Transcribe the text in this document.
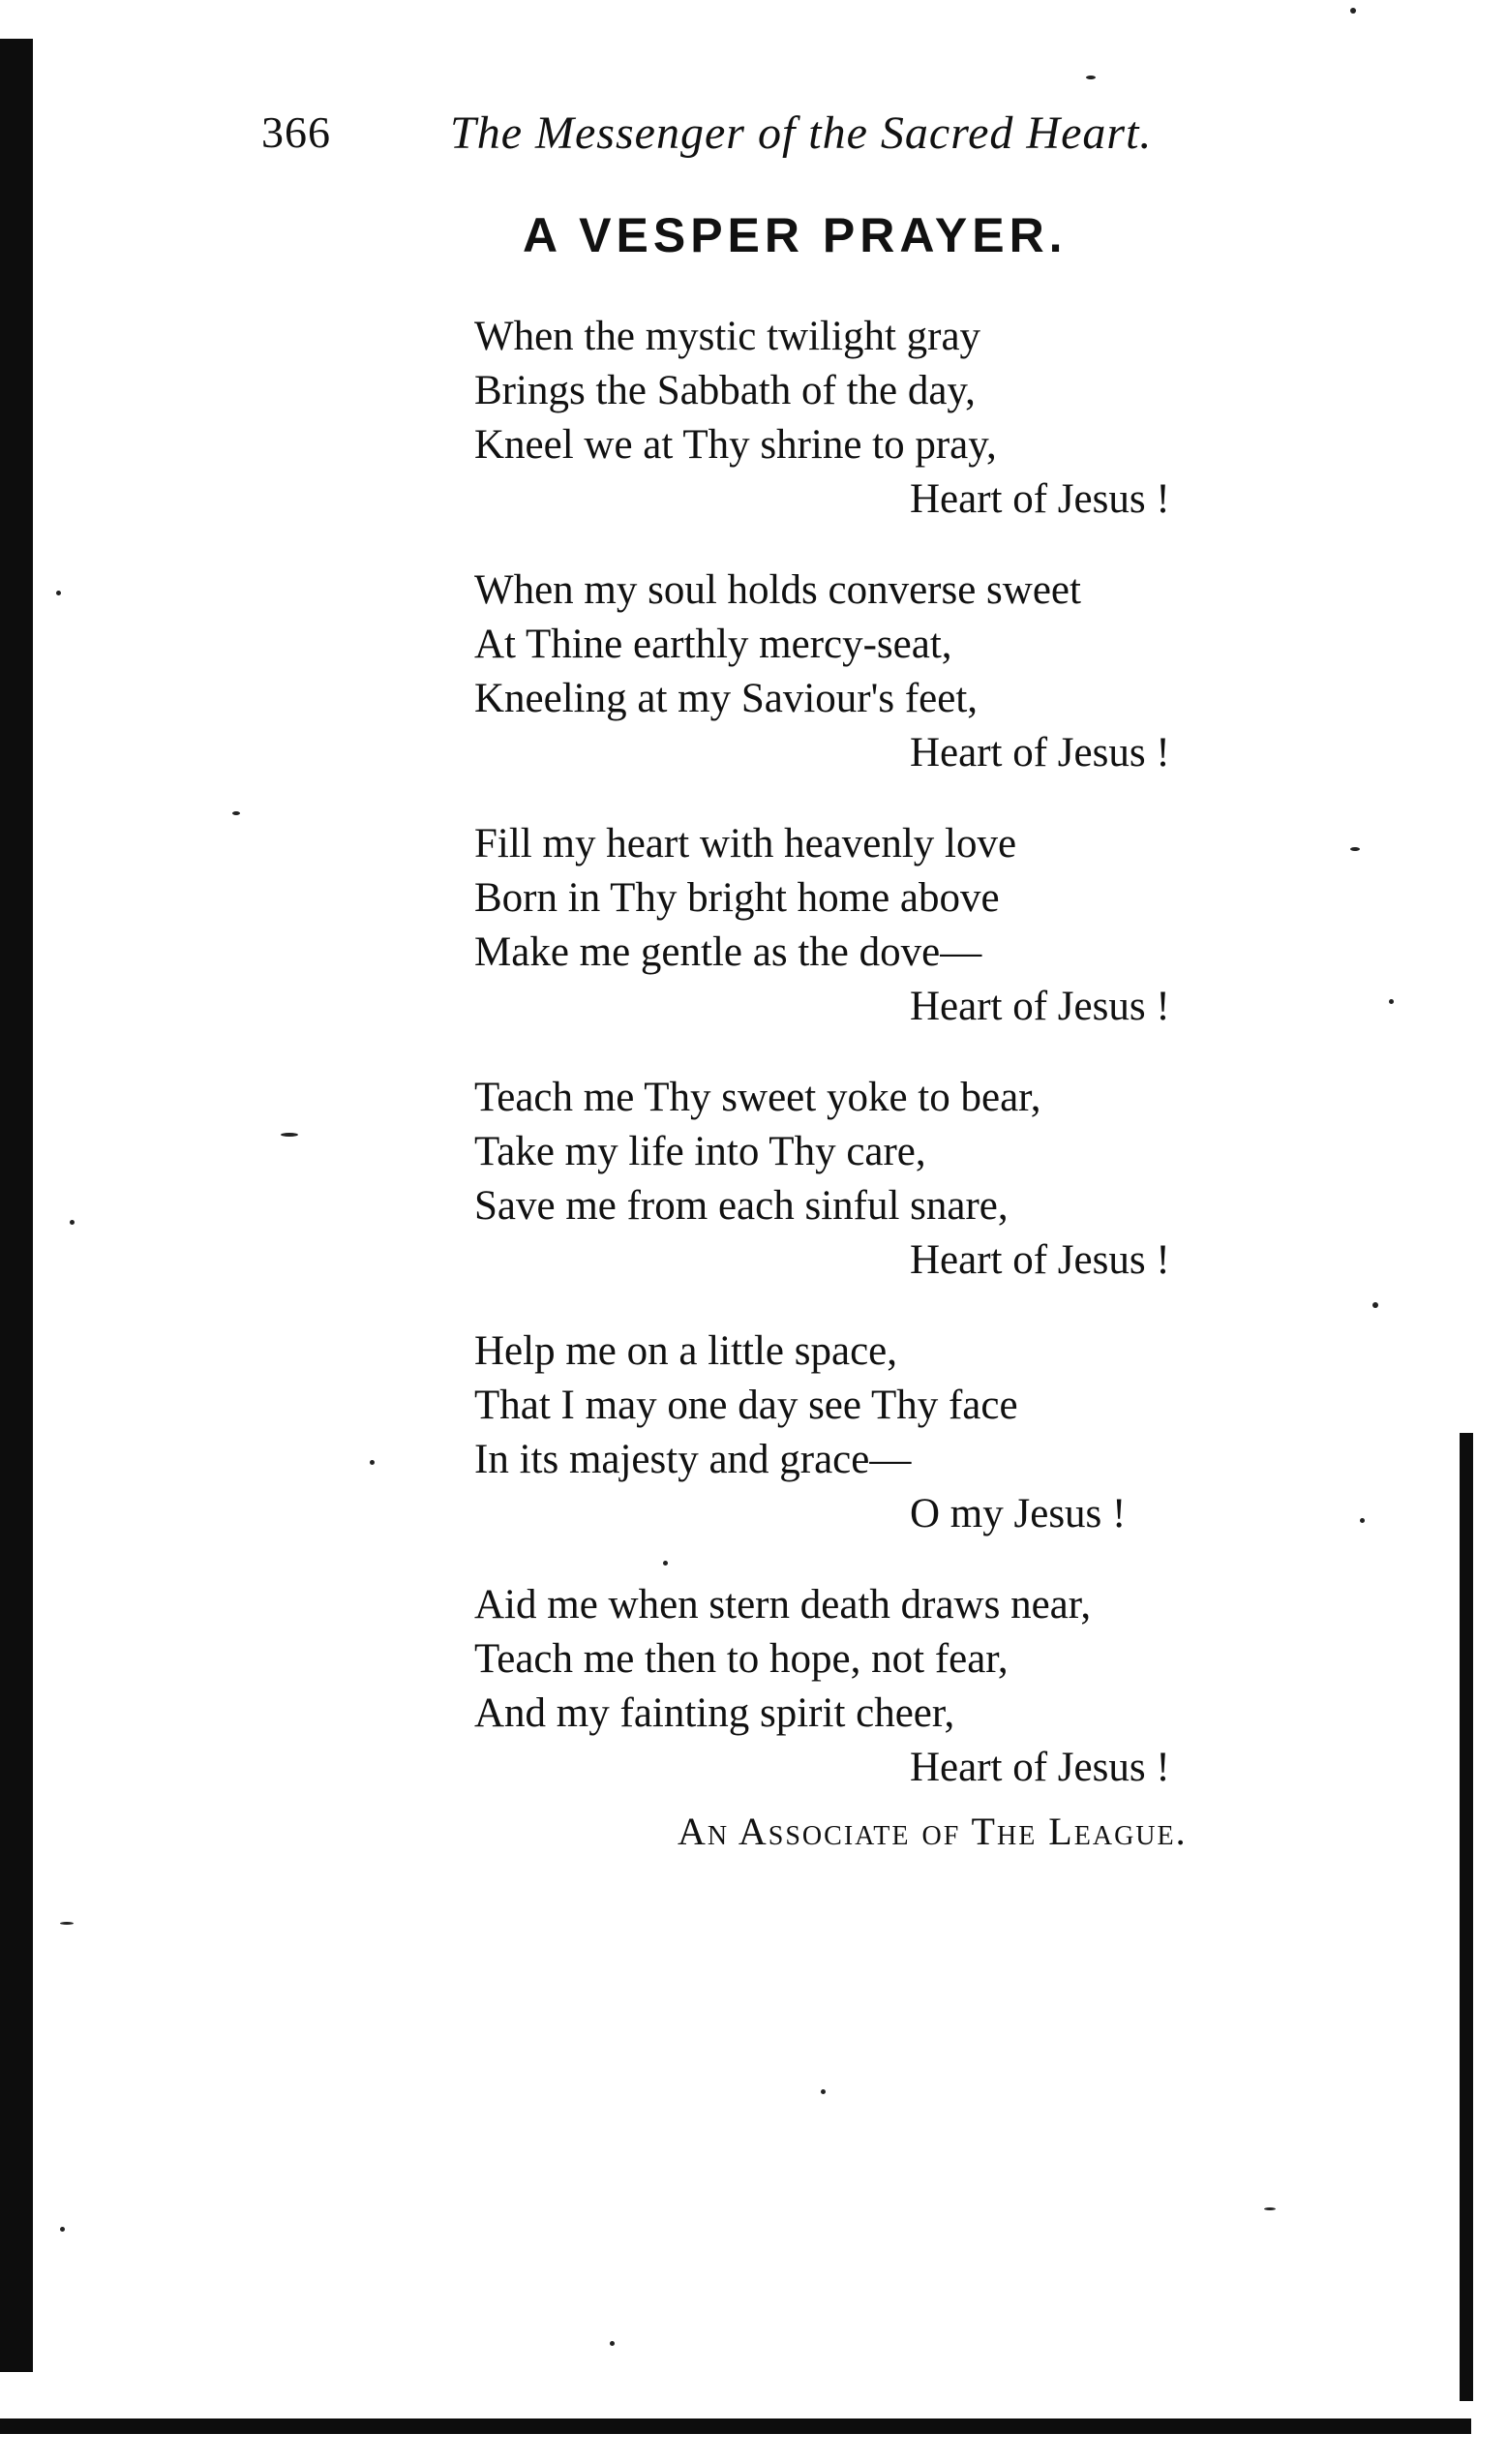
366	The Messenger of the Sacred Heart.
A VESPER PRAYER.
When the mystic twilight gray
Brings the Sabbath of the day,
Kneel we at Thy shrine to pray,
Heart of Jesus !
When my soul holds converse sweet
At Thine earthly mercy-seat,
Kneeling at my Saviour's feet,
Heart of Jesus !
Fill my heart with heavenly love
Born in Thy bright home above
Make me gentle as the dove—
Heart of Jesus !
Teach me Thy sweet yoke to bear,
Take my life into Thy care,
Save me from each sinful snare,
Heart of Jesus !
Help me on a little space,
That I may one day see Thy face
In its majesty and grace—
O my Jesus !
Aid me when stern death draws near,
Teach me then to hope, not fear,
And my fainting spirit cheer,
Heart of Jesus !
An Associate of The League.
